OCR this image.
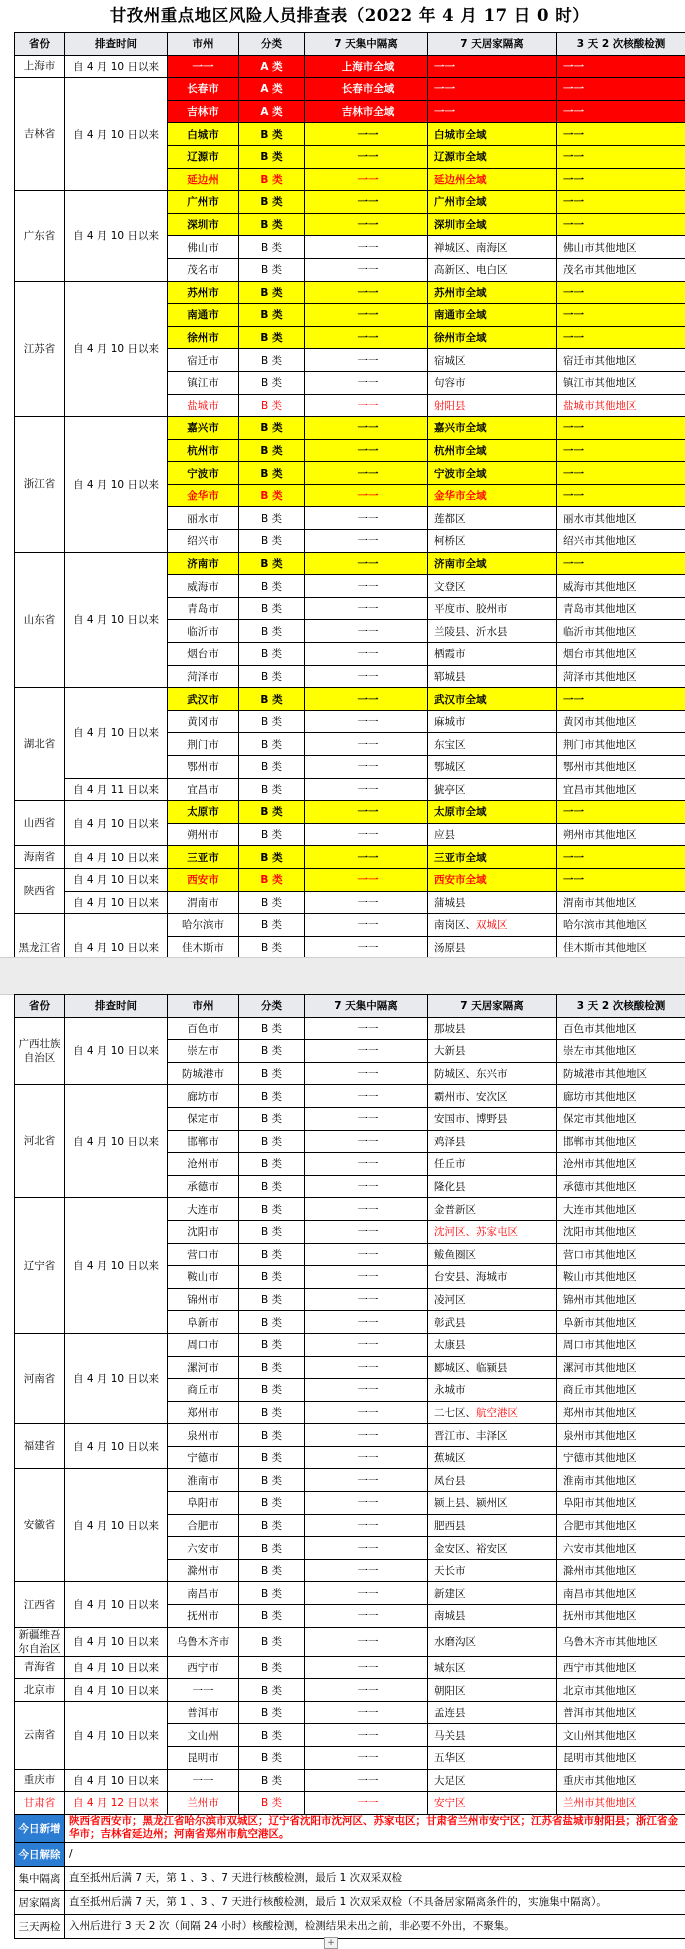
甘孜州重点地区风险人员排查表（2022 年 4 月 17 日 0 时）
省份	排查时间	市州	分类	7 天集中隔离	7 天居家隔离	3 天 2 次核酸检测
上海市	自 4 月 10 日以来	一一	A 类	上海市全域	一一	一一
吉林省	自 4 月 10 日以来	长春市	A 类	长春市全域	一一	一一
		吉林市	A 类	吉林市全域	一一	一一
		白城市	B 类	一一	白城市全域	一一
		辽源市	B 类	一一	辽源市全域	一一
		延边州	B 类	一一	延边州全域	一一
广东省	自 4 月 10 日以来	广州市	B 类	一一	广州市全域	一一
		深圳市	B 类	一一	深圳市全域	一一
		佛山市	B 类	一一	禅城区、南海区	佛山市其他地区
		茂名市	B 类	一一	高新区、电白区	茂名市其他地区
江苏省	自 4 月 10 日以来	苏州市	B 类	一一	苏州市全域	一一
		南通市	B 类	一一	南通市全域	一一
		徐州市	B 类	一一	徐州市全域	一一
		宿迁市	B 类	一一	宿城区	宿迁市其他地区
		镇江市	B 类	一一	句容市	镇江市其他地区
		盐城市	B 类	一一	射阳县	盐城市其他地区
浙江省	自 4 月 10 日以来	嘉兴市	B 类	一一	嘉兴市全域	一一
		杭州市	B 类	一一	杭州市全域	一一
		宁波市	B 类	一一	宁波市全域	一一
		金华市	B 类	一一	金华市全域	一一
		丽水市	B 类	一一	莲都区	丽水市其他地区
		绍兴市	B 类	一一	柯桥区	绍兴市其他地区
山东省	自 4 月 10 日以来	济南市	B 类	一一	济南市全域	一一
		威海市	B 类	一一	文登区	威海市其他地区
		青岛市	B 类	一一	平度市、胶州市	青岛市其他地区
		临沂市	B 类	一一	兰陵县、沂水县	临沂市其他地区
		烟台市	B 类	一一	栖霞市	烟台市其他地区
		菏泽市	B 类	一一	郓城县	菏泽市其他地区
湖北省	自 4 月 10 日以来	武汉市	B 类	一一	武汉市全域	一一
		黄冈市	B 类	一一	麻城市	黄冈市其他地区
		荆门市	B 类	一一	东宝区	荆门市其他地区
		鄂州市	B 类	一一	鄂城区	鄂州市其他地区
	自 4 月 11 日以来	宜昌市	B 类	一一	猇亭区	宜昌市其他地区
山西省	自 4 月 10 日以来	太原市	B 类	一一	太原市全域	一一
		朔州市	B 类	一一	应县	朔州市其他地区
海南省	自 4 月 10 日以来	三亚市	B 类	一一	三亚市全域	一一
陕西省	自 4 月 10 日以来	西安市	B 类	一一	西安市全域	一一
	自 4 月 10 日以来	渭南市	B 类	一一	蒲城县	渭南市其他地区
黑龙江省	自 4 月 10 日以来	哈尔滨市	B 类	一一	南岗区、双城区	哈尔滨市其他地区
		佳木斯市	B 类	一一	汤原县	佳木斯市其他地区

省份	排查时间	市州	分类	7 天集中隔离	7 天居家隔离	3 天 2 次核酸检测
广西壮族自治区	自 4 月 10 日以来	百色市	B 类	一一	那坡县	百色市其他地区
		崇左市	B 类	一一	大新县	崇左市其他地区
		防城港市	B 类	一一	防城区、东兴市	防城港市其他地区
河北省	自 4 月 10 日以来	廊坊市	B 类	一一	霸州市、安次区	廊坊市其他地区
		保定市	B 类	一一	安国市、博野县	保定市其他地区
		邯郸市	B 类	一一	鸡泽县	邯郸市其他地区
		沧州市	B 类	一一	任丘市	沧州市其他地区
		承德市	B 类	一一	隆化县	承德市其他地区
辽宁省	自 4 月 10 日以来	大连市	B 类	一一	金普新区	大连市其他地区
		沈阳市	B 类	一一	沈河区、苏家屯区	沈阳市其他地区
		营口市	B 类	一一	鲅鱼圈区	营口市其他地区
		鞍山市	B 类	一一	台安县、海城市	鞍山市其他地区
		锦州市	B 类	一一	凌河区	锦州市其他地区
		阜新市	B 类	一一	彰武县	阜新市其他地区
河南省	自 4 月 10 日以来	周口市	B 类	一一	太康县	周口市其他地区
		漯河市	B 类	一一	郾城区、临颍县	漯河市其他地区
		商丘市	B 类	一一	永城市	商丘市其他地区
		郑州市	B 类	一一	二七区、航空港区	郑州市其他地区
福建省	自 4 月 10 日以来	泉州市	B 类	一一	晋江市、丰泽区	泉州市其他地区
		宁德市	B 类	一一	蕉城区	宁德市其他地区
安徽省	自 4 月 10 日以来	淮南市	B 类	一一	凤台县	淮南市其他地区
		阜阳市	B 类	一一	颍上县、颍州区	阜阳市其他地区
		合肥市	B 类	一一	肥西县	合肥市其他地区
		六安市	B 类	一一	金安区、裕安区	六安市其他地区
		滁州市	B 类	一一	天长市	滁州市其他地区
江西省	自 4 月 10 日以来	南昌市	B 类	一一	新建区	南昌市其他地区
		抚州市	B 类	一一	南城县	抚州市其他地区
新疆维吾尔自治区	自 4 月 10 日以来	乌鲁木齐市	B 类	一一	水磨沟区	乌鲁木齐市其他地区
青海省	自 4 月 10 日以来	西宁市	B 类	一一	城东区	西宁市其他地区
北京市	自 4 月 10 日以来	一一	B 类	一一	朝阳区	北京市其他地区
云南省	自 4 月 10 日以来	普洱市	B 类	一一	孟连县	普洱市其他地区
		文山州	B 类	一一	马关县	文山州其他地区
		昆明市	B 类	一一	五华区	昆明市其他地区
重庆市	自 4 月 10 日以来	一一	B 类	一一	大足区	重庆市其他地区
甘肃省	自 4 月 12 日以来	兰州市	B 类	一一	安宁区	兰州市其他地区
今日新增	陕西省西安市；黑龙江省哈尔滨市双城区；辽宁省沈阳市沈河区、苏家屯区；甘肃省兰州市安宁区；江苏省盐城市射阳县；浙江省金华市；吉林省延边州；河南省郑州市航空港区。					
今日解除	/					
集中隔离	直至抵州后满 7 天，第 1 、3 、7 天进行核酸检测，最后 1 次双采双检					
居家隔离	直至抵州后满 7 天，第 1 、3 、7 天进行核酸检测，最后 1 次双采双检（不具备居家隔离条件的，实施集中隔离）。					
三天两检	入州后进行 3 天 2 次（间隔 24 小时）核酸检测，检测结果未出之前，非必要不外出，不聚集。					
+
